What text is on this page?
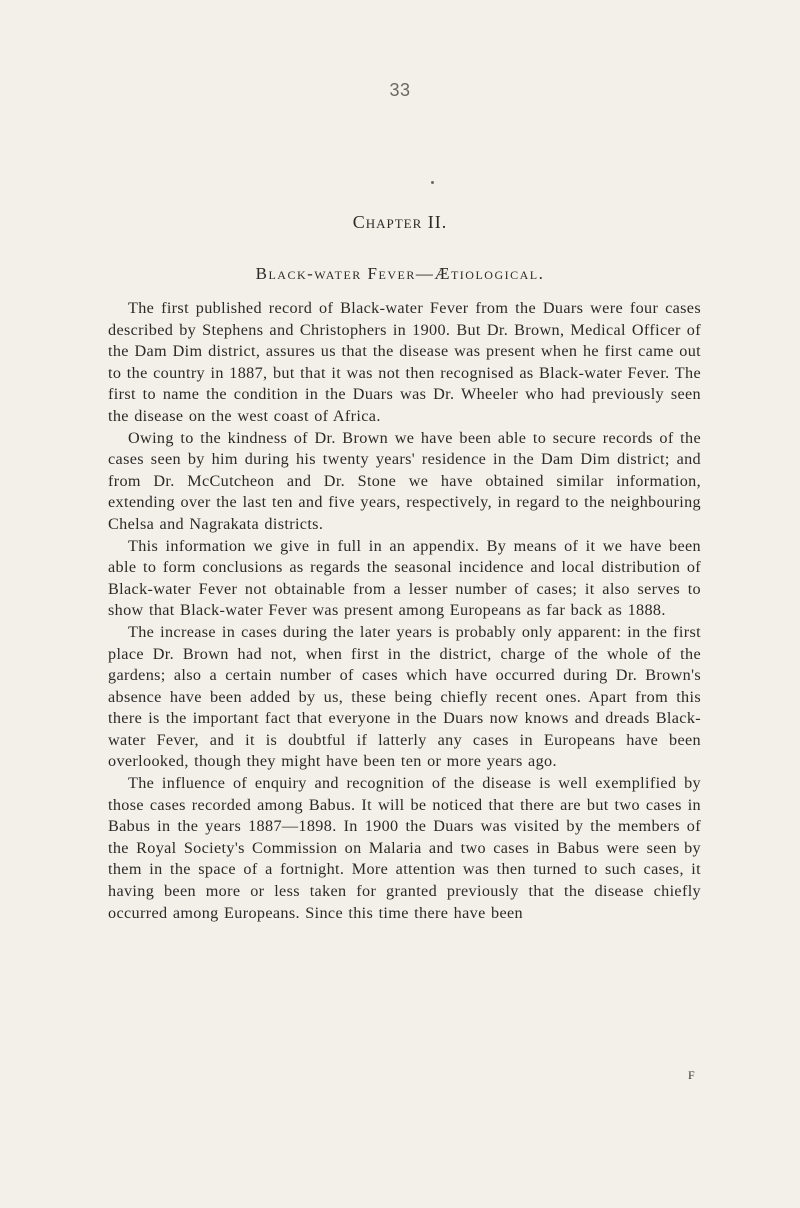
33
Chapter II.
Black-water Fever—Ætiological.

The first published record of Black-water Fever from the Duars were four cases described by Stephens and Christophers in 1900. But Dr. Brown, Medical Officer of the Dam Dim district, assures us that the disease was present when he first came out to the country in 1887, but that it was not then recognised as Black-water Fever. The first to name the condition in the Duars was Dr. Wheeler who had previously seen the disease on the west coast of Africa.

Owing to the kindness of Dr. Brown we have been able to secure records of the cases seen by him during his twenty years' residence in the Dam Dim district; and from Dr. McCutcheon and Dr. Stone we have obtained similar information, extending over the last ten and five years, respectively, in regard to the neighbouring Chelsa and Nagrakata districts.

This information we give in full in an appendix. By means of it we have been able to form conclusions as regards the seasonal incidence and local distribution of Black-water Fever not obtainable from a lesser number of cases; it also serves to show that Black-water Fever was present among Europeans as far back as 1888.

The increase in cases during the later years is probably only apparent: in the first place Dr. Brown had not, when first in the district, charge of the whole of the gardens; also a certain number of cases which have occurred during Dr. Brown's absence have been added by us, these being chiefly recent ones. Apart from this there is the important fact that everyone in the Duars now knows and dreads Black-water Fever, and it is doubtful if latterly any cases in Europeans have been overlooked, though they might have been ten or more years ago.

The influence of enquiry and recognition of the disease is well exemplified by those cases recorded among Babus. It will be noticed that there are but two cases in Babus in the years 1887—1898. In 1900 the Duars was visited by the members of the Royal Society's Commission on Malaria and two cases in Babus were seen by them in the space of a fortnight. More attention was then turned to such cases, it having been more or less taken for granted previously that the disease chiefly occurred among Europeans. Since this time there have been

F
